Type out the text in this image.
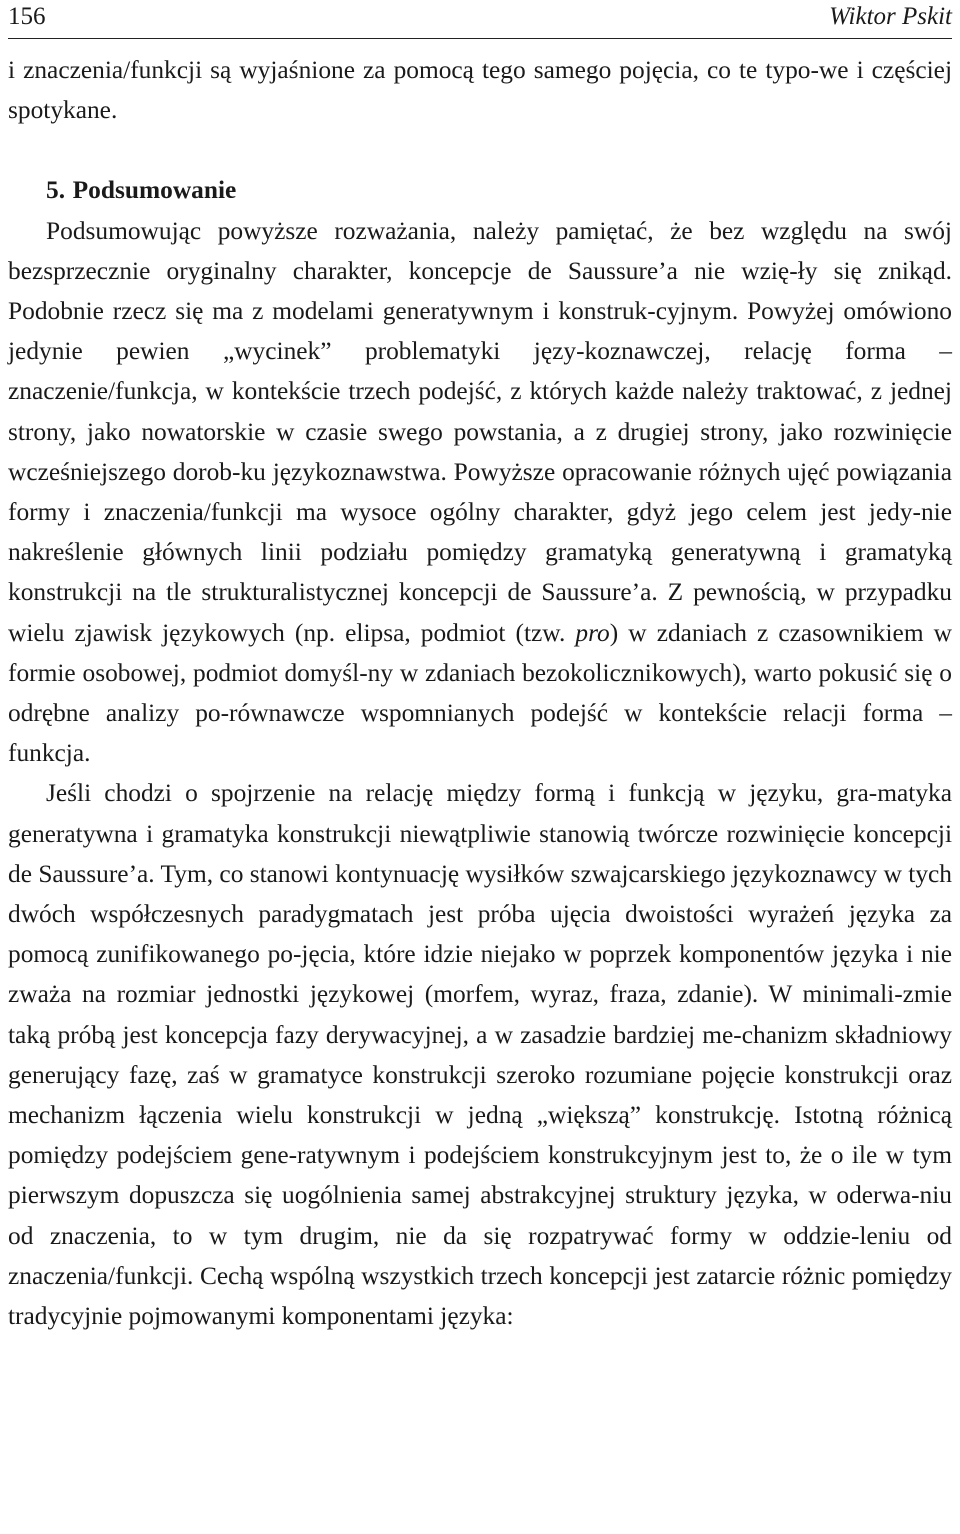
156	Wiktor Pskit

i znaczenia/funkcji są wyjaśnione za pomocą tego samego pojęcia, co te typo-we i częściej spotykane.

5. Podsumowanie

Podsumowując powyższe rozważania, należy pamiętać, że bez względu na swój bezsprzecznie oryginalny charakter, koncepcje de Saussure’a nie wzię-ły się znikąd. Podobnie rzecz się ma z modelami generatywnym i konstruk-cyjnym. Powyżej omówiono jedynie pewien „wycinek” problematyki języ-koznawczej, relację forma – znaczenie/funkcja, w kontekście trzech podejść, z których każde należy traktować, z jednej strony, jako nowatorskie w czasie swego powstania, a z drugiej strony, jako rozwinięcie wcześniejszego dorob-ku językoznawstwa. Powyższe opracowanie różnych ujęć powiązania formy i znaczenia/funkcji ma wysoce ogólny charakter, gdyż jego celem jest jedy-nie nakreślenie głównych linii podziału pomiędzy gramatyką generatywną i gramatyką konstrukcji na tle strukturalistycznej koncepcji de Saussure’a. Z pewnością, w przypadku wielu zjawisk językowych (np. elipsa, podmiot (tzw. pro) w zdaniach z czasownikiem w formie osobowej, podmiot domyśl-ny w zdaniach bezokolicznikowych), warto pokusić się o odrębne analizy po-równawcze wspomnianych podejść w kontekście relacji forma – funkcja.

Jeśli chodzi o spojrzenie na relację między formą i funkcją w języku, gra-matyka generatywna i gramatyka konstrukcji niewątpliwie stanowią twórcze rozwinięcie koncepcji de Saussure’a. Tym, co stanowi kontynuację wysiłków szwajcarskiego językoznawcy w tych dwóch współczesnych paradygmatach jest próba ujęcia dwoistości wyrażeń języka za pomocą zunifikowanego po-jęcia, które idzie niejako w poprzek komponentów języka i nie zważa na rozmiar jednostki językowej (morfem, wyraz, fraza, zdanie). W minimali-zmie taką próbą jest koncepcja fazy derywacyjnej, a w zasadzie bardziej me-chanizm składniowy generujący fazę, zaś w gramatyce konstrukcji szeroko rozumiane pojęcie konstrukcji oraz mechanizm łączenia wielu konstrukcji w jedną „większą” konstrukcję. Istotną różnicą pomiędzy podejściem gene-ratywnym i podejściem konstrukcyjnym jest to, że o ile w tym pierwszym dopuszcza się uogólnienia samej abstrakcyjnej struktury języka, w oderwa-niu od znaczenia, to w tym drugim, nie da się rozpatrywać formy w oddzie-leniu od znaczenia/funkcji. Cechą wspólną wszystkich trzech koncepcji jest zatarcie różnic pomiędzy tradycyjnie pojmowanymi komponentami języka:
